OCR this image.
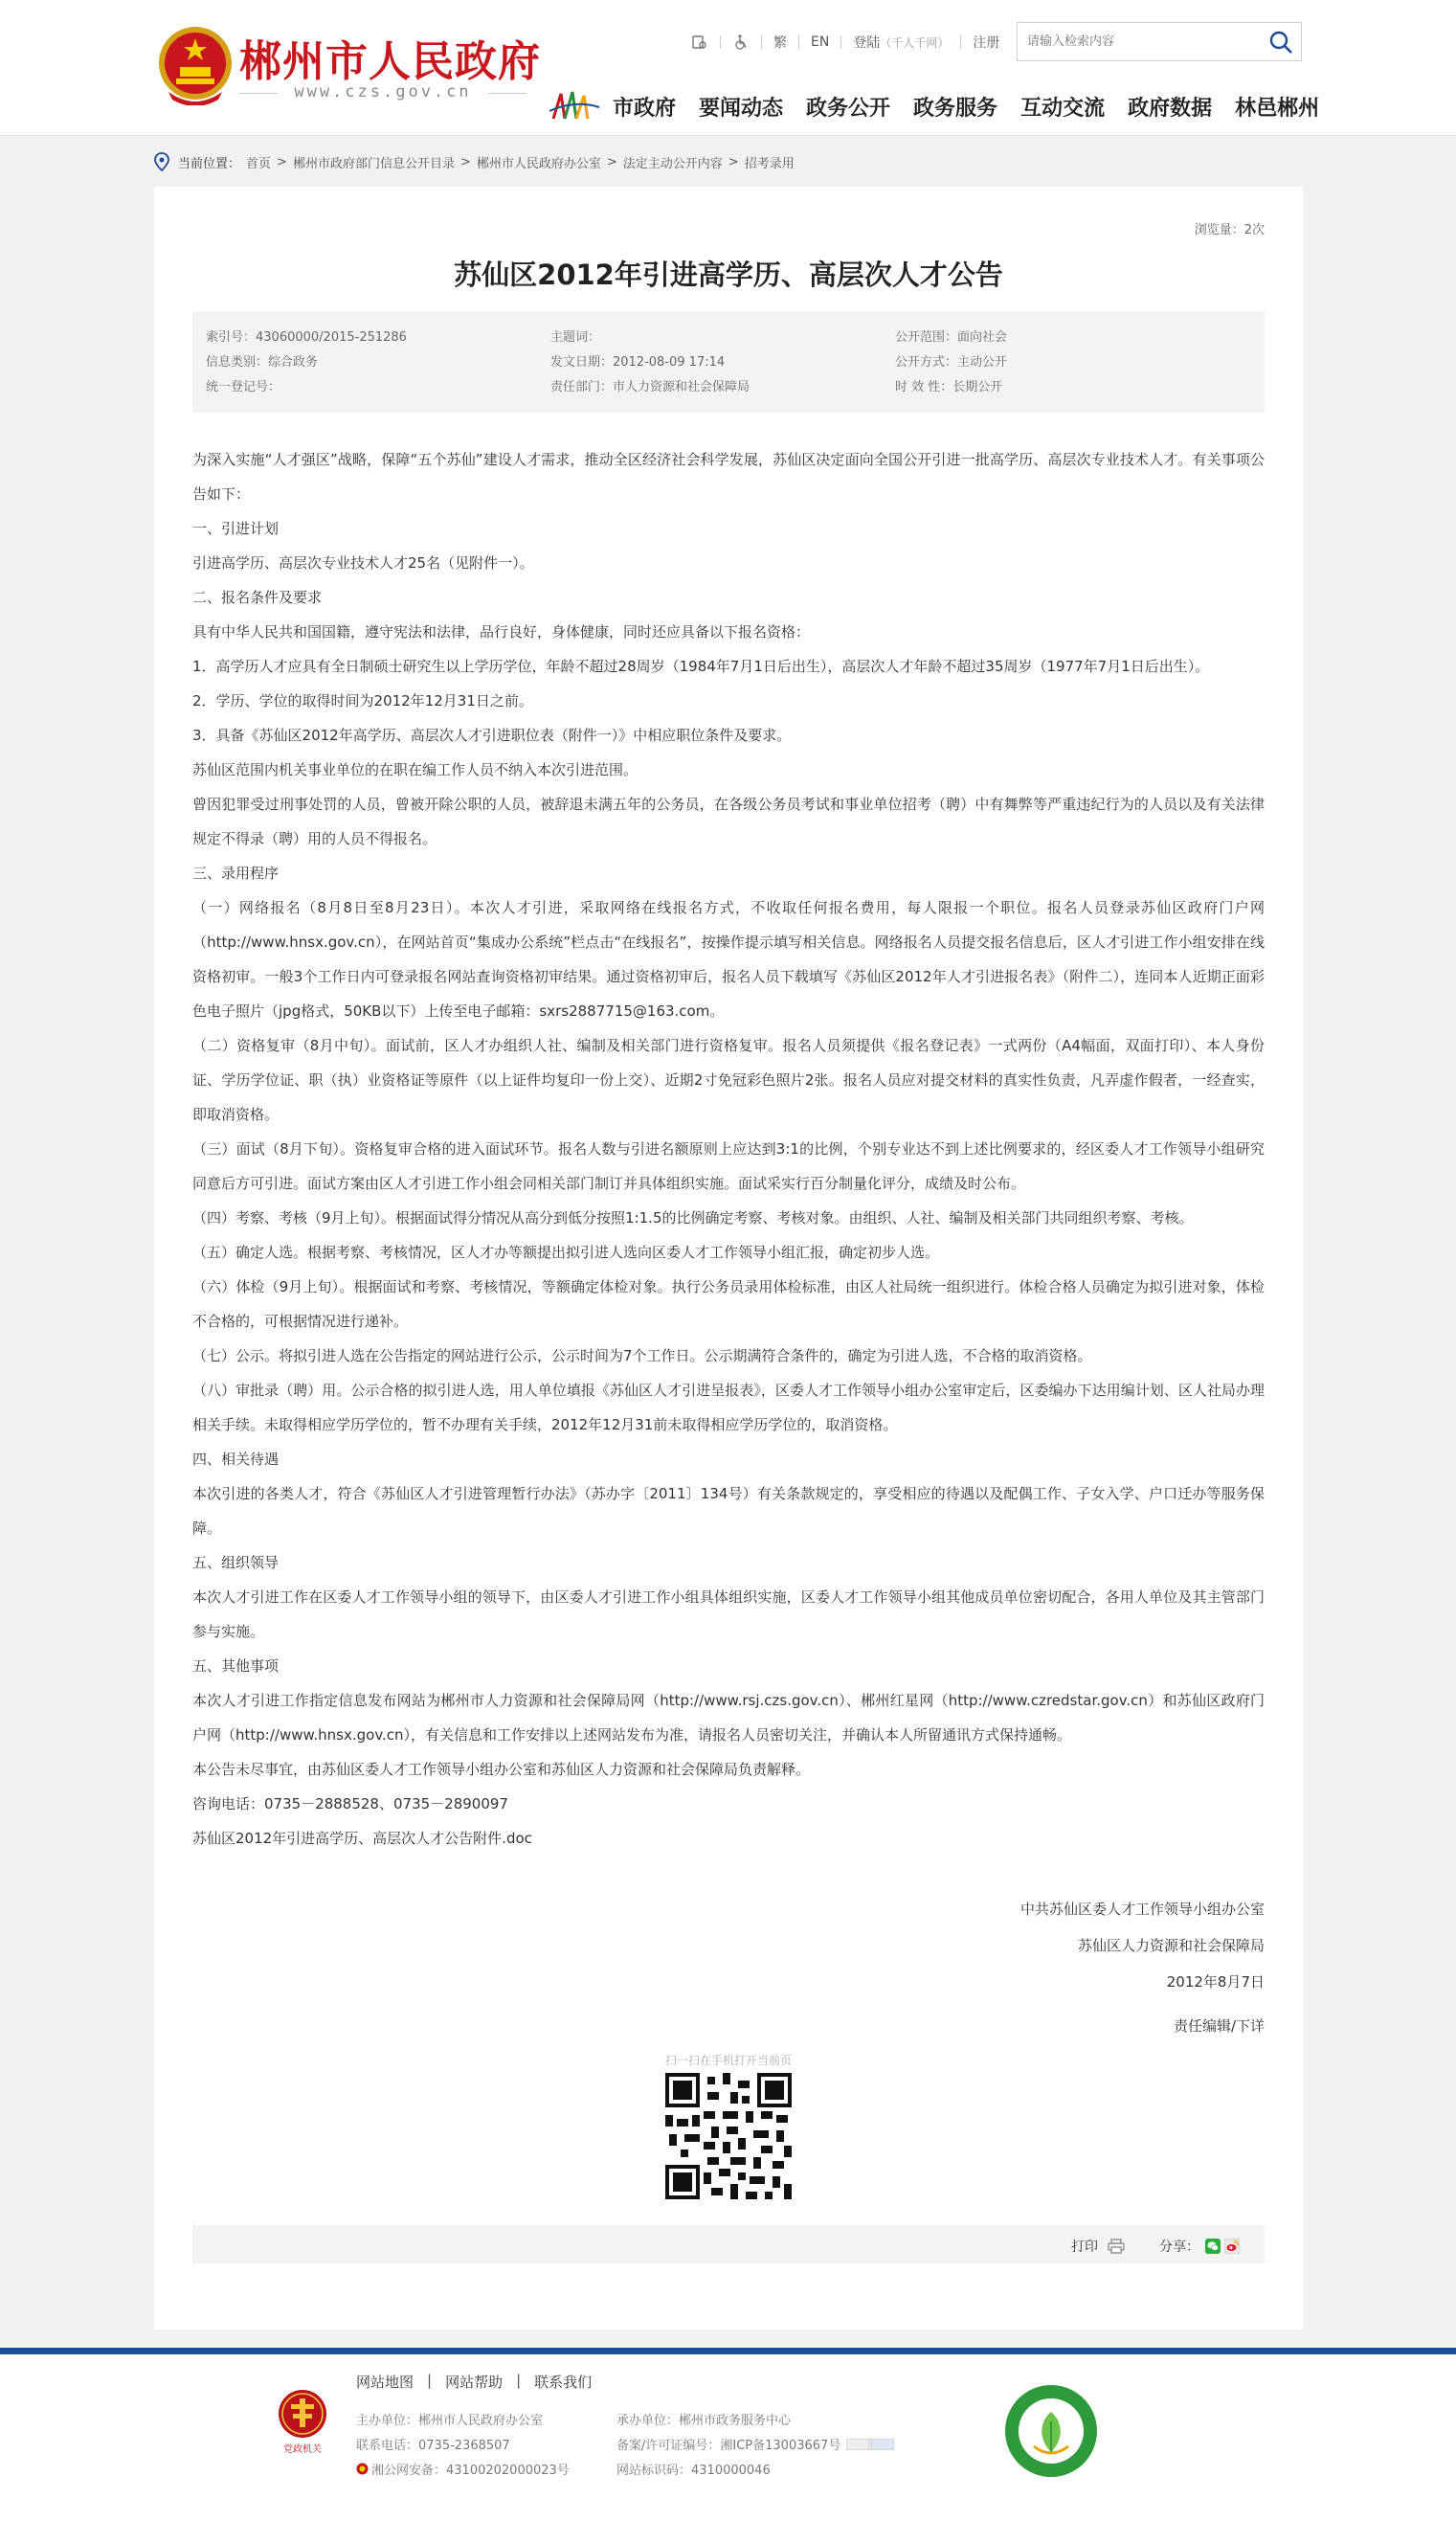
郴州市人民政府
www.czs.gov.cn
繁 EN 登陆 （千人千网） 注册
请输入检索内容
市政府 要闻动态 政务公开 政务服务 互动交流 政府数据 林邑郴州
当前位置： 首页 > 郴州市政府部门信息公开目录 > 郴州市人民政府办公室 > 法定主动公开内容 > 招考录用
浏览量：2次
苏仙区2012年引进高学历、高层次人才公告
索引号：43060000/2015-251286	主题词：	公开范围：面向社会
信息类别：综合政务	发文日期：2012-08-09 17:14	公开方式：主动公开
统一登记号：	责任部门：市人力资源和社会保障局	时 效 性：长期公开

为深入实施“人才强区”战略，保障“五个苏仙”建设人才需求，推动全区经济社会科学发展，苏仙区决定面向全国公开引进一批高学历、高层次专业技术人才。有关事项公告如下：

一、引进计划

引进高学历、高层次专业技术人才25名（见附件一）。

二、报名条件及要求

具有中华人民共和国国籍，遵守宪法和法律，品行良好，身体健康，同时还应具备以下报名资格：

1．高学历人才应具有全日制硕士研究生以上学历学位，年龄不超过28周岁（1984年7月1日后出生），高层次人才年龄不超过35周岁（1977年7月1日后出生）。

2．学历、学位的取得时间为2012年12月31日之前。

3．具备《苏仙区2012年高学历、高层次人才引进职位表（附件一）》中相应职位条件及要求。

苏仙区范围内机关事业单位的在职在编工作人员不纳入本次引进范围。

曾因犯罪受过刑事处罚的人员，曾被开除公职的人员，被辞退未满五年的公务员，在各级公务员考试和事业单位招考（聘）中有舞弊等严重违纪行为的人员以及有关法律规定不得录（聘）用的人员不得报名。

三、录用程序

（一）网络报名（8月8日至8月23日）。本次人才引进，采取网络在线报名方式，不收取任何报名费用，每人限报一个职位。报名人员登录苏仙区政府门户网（http://www.hnsx.gov.cn），在网站首页“集成办公系统”栏点击“在线报名”，按操作提示填写相关信息。网络报名人员提交报名信息后，区人才引进工作小组安排在线资格初审。一般3个工作日内可登录报名网站查询资格初审结果。通过资格初审后，报名人员下载填写《苏仙区2012年人才引进报名表》（附件二），连同本人近期正面彩色电子照片（jpg格式，50KB以下）上传至电子邮箱：sxrs2887715@163.com。

（二）资格复审（8月中旬）。面试前，区人才办组织人社、编制及相关部门进行资格复审。报名人员须提供《报名登记表》一式两份（A4幅面，双面打印）、本人身份证、学历学位证、职（执）业资格证等原件（以上证件均复印一份上交）、近期2寸免冠彩色照片2张。报名人员应对提交材料的真实性负责，凡弄虚作假者，一经查实，即取消资格。

（三）面试（8月下旬）。资格复审合格的进入面试环节。报名人数与引进名额原则上应达到3:1的比例，个别专业达不到上述比例要求的，经区委人才工作领导小组研究同意后方可引进。面试方案由区人才引进工作小组会同相关部门制订并具体组织实施。面试采实行百分制量化评分，成绩及时公布。

（四）考察、考核（9月上旬）。根据面试得分情况从高分到低分按照1:1.5的比例确定考察、考核对象。由组织、人社、编制及相关部门共同组织考察、考核。

（五）确定人选。根据考察、考核情况，区人才办等额提出拟引进人选向区委人才工作领导小组汇报，确定初步人选。

（六）体检（9月上旬）。根据面试和考察、考核情况，等额确定体检对象。执行公务员录用体检标准，由区人社局统一组织进行。体检合格人员确定为拟引进对象，体检不合格的，可根据情况进行递补。

（七）公示。将拟引进人选在公告指定的网站进行公示，公示时间为7个工作日。公示期满符合条件的，确定为引进人选，不合格的取消资格。

（八）审批录（聘）用。公示合格的拟引进人选，用人单位填报《苏仙区人才引进呈报表》，区委人才工作领导小组办公室审定后，区委编办下达用编计划、区人社局办理相关手续。未取得相应学历学位的，暂不办理有关手续，2012年12月31前未取得相应学历学位的，取消资格。

四、相关待遇

本次引进的各类人才，符合《苏仙区人才引进管理暂行办法》（苏办字〔2011〕134号）有关条款规定的，享受相应的待遇以及配偶工作、子女入学、户口迁办等服务保障。

五、组织领导

本次人才引进工作在区委人才工作领导小组的领导下，由区委人才引进工作小组具体组织实施，区委人才工作领导小组其他成员单位密切配合，各用人单位及其主管部门参与实施。

五、其他事项

本次人才引进工作指定信息发布网站为郴州市人力资源和社会保障局网（http://www.rsj.czs.gov.cn）、郴州红星网（http://www.czredstar.gov.cn）和苏仙区政府门户网（http://www.hnsx.gov.cn），有关信息和工作安排以上述网站发布为准，请报名人员密切关注，并确认本人所留通讯方式保持通畅。

本公告未尽事宜，由苏仙区委人才工作领导小组办公室和苏仙区人力资源和社会保障局负责解释。

咨询电话：0735－2888528、0735－2890097

苏仙区2012年引进高学历、高层次人才公告附件.doc

中共苏仙区委人才工作领导小组办公室
苏仙区人力资源和社会保障局
2012年8月7日
责任编辑/下详
扫一扫在手机打开当前页
打印	分享：
党政机关
网站地图 | 网站帮助 | 联系我们
主办单位：郴州市人民政府办公室	承办单位：郴州市政务服务中心
联系电话：0735-2368507	备案/许可证编号：湘ICP备13003667号
湘公网安备：43100202000023号	网站标识码：4310000046
